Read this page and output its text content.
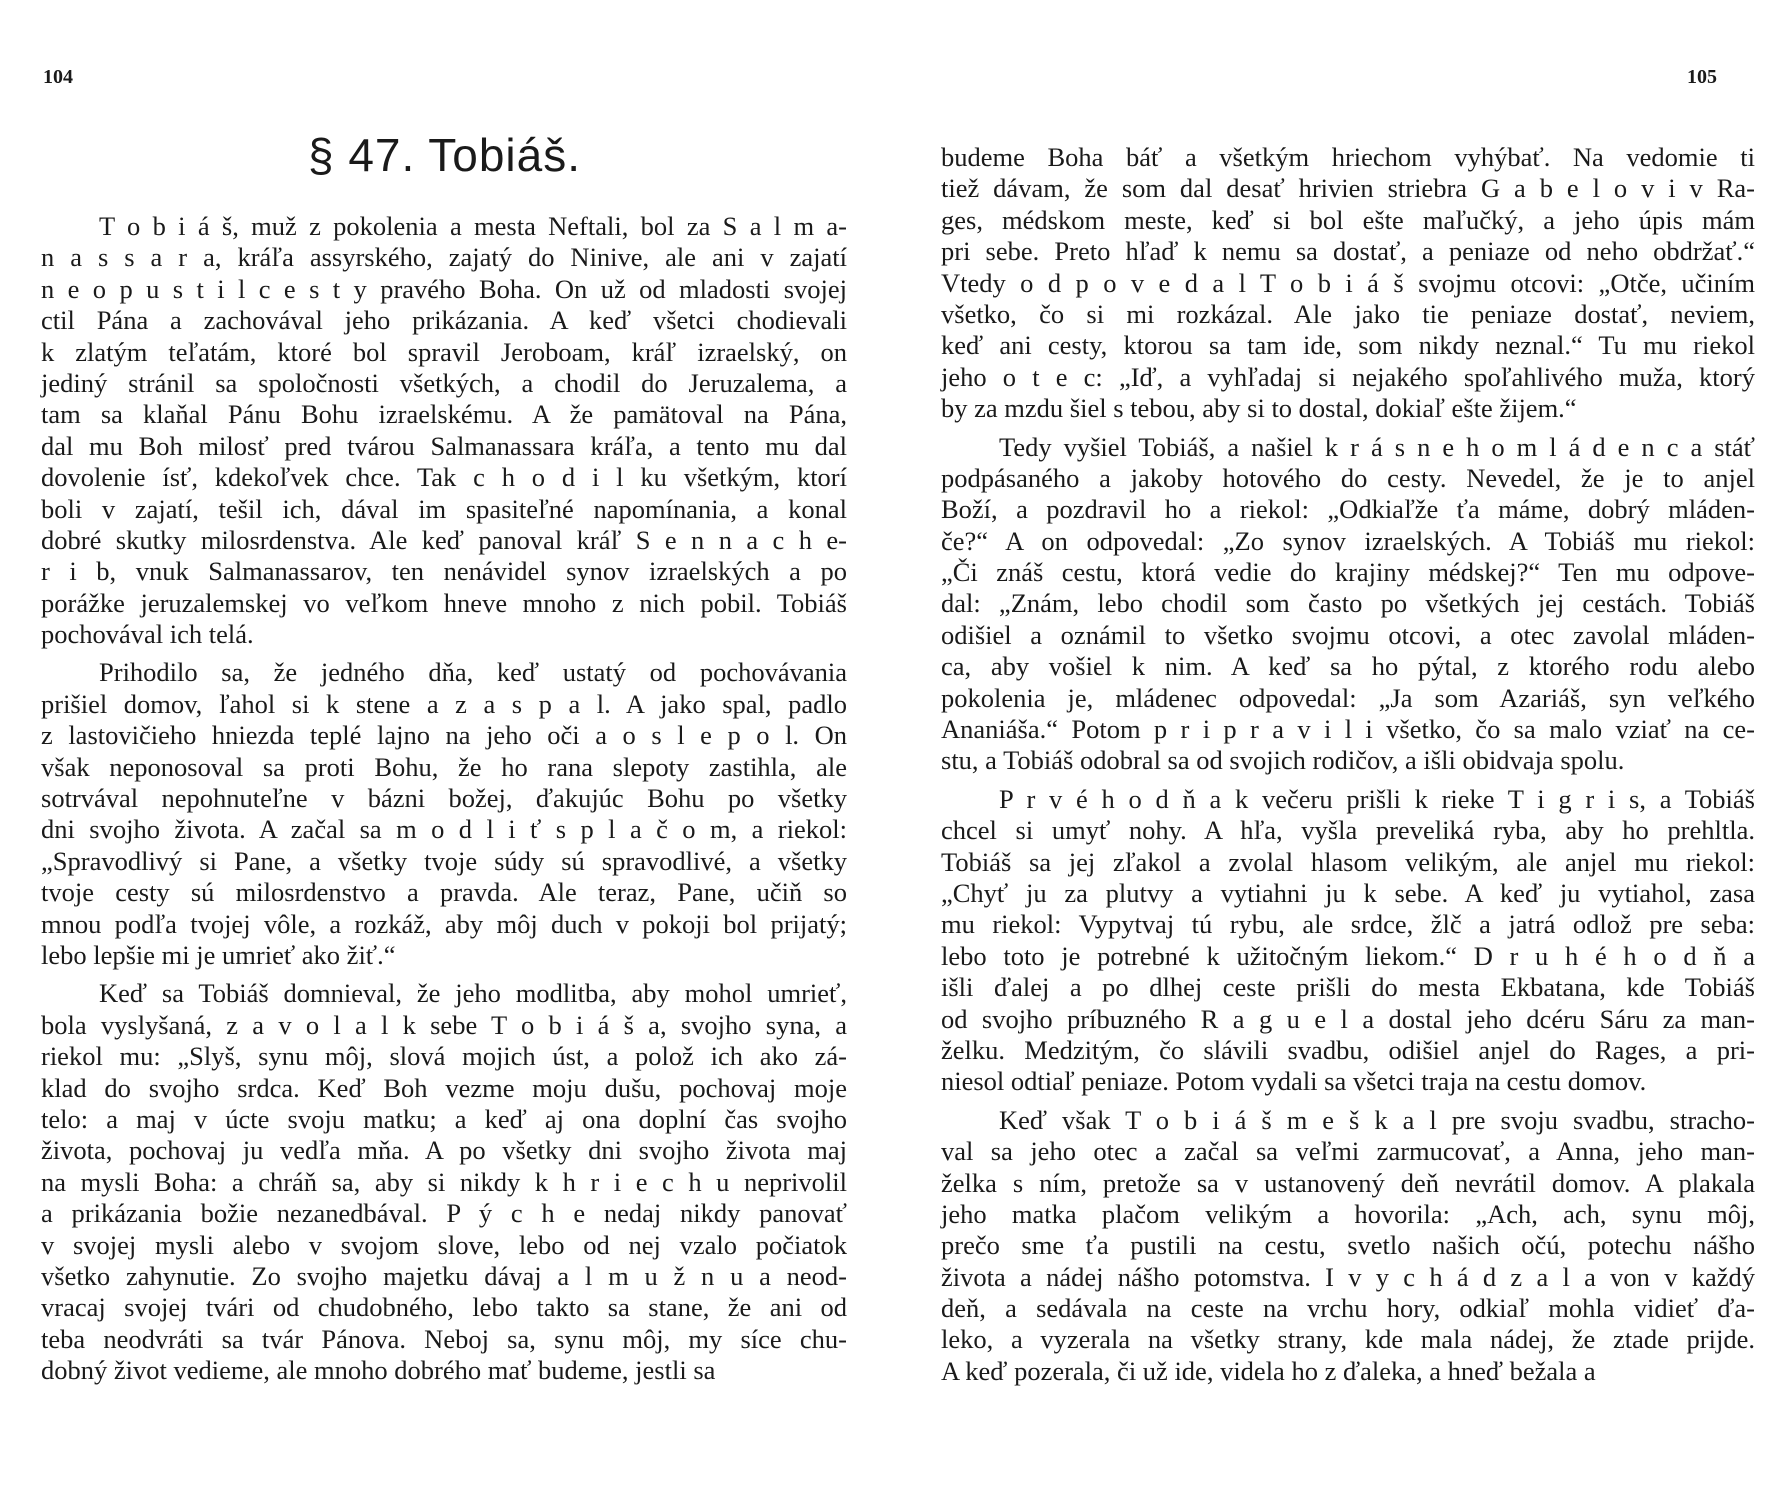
104
§ 47. Tobiáš.
T o b i á š, muž z pokolenia a mesta Neftali, bol za S a l m a-
n a s s a r a, kráľa assyrského, zajatý do Ninive, ale ani v zajatí
n e o p u s t i l c e s t y pravého Boha. On už od mladosti svojej
ctil Pána a zachovával jeho prikázania. A keď všetci chodievali
k zlatým teľatám, ktoré bol spravil Jeroboam, kráľ izraelský, on
jediný stránil sa spoločnosti všetkých, a chodil do Jeruzalema, a
tam sa klaňal Pánu Bohu izraelskému. A že pamätoval na Pána,
dal mu Boh milosť pred tvárou Salmanassara kráľa, a tento mu dal
dovolenie ísť, kdekoľvek chce. Tak c h o d i l ku všetkým, ktorí
boli v zajatí, tešil ich, dával im spasiteľné napomínania, a konal
dobré skutky milosrdenstva. Ale keď panoval kráľ S e n n a c h e-
r i b, vnuk Salmanassarov, ten nenávidel synov izraelských a po
porážke jeruzalemskej vo veľkom hneve mnoho z nich pobil. Tobiáš
pochovával ich telá.
Prihodilo sa, že jedného dňa, keď ustatý od pochovávania
prišiel domov, ľahol si k stene a z a s p a l. A jako spal, padlo
z lastovičieho hniezda teplé lajno na jeho oči a o s l e p o l. On
však neponosoval sa proti Bohu, že ho rana slepoty zastihla, ale
sotrvával nepohnuteľne v bázni božej, ďakujúc Bohu po všetky
dni svojho života. A začal sa m o d l i ť s p l a č o m, a riekol:
„Spravodlivý si Pane, a všetky tvoje súdy sú spravodlivé, a všetky
tvoje cesty sú milosrdenstvo a pravda. Ale teraz, Pane, učiň so
mnou podľa tvojej vôle, a rozkáž, aby môj duch v pokoji bol prijatý;
lebo lepšie mi je umrieť ako žiť.“
Keď sa Tobiáš domnieval, že jeho modlitba, aby mohol umrieť,
bola vyslyšaná, z a v o l a l k sebe T o b i á š a, svojho syna, a
riekol mu: „Slyš, synu môj, slová mojich úst, a polož ich ako zá-
klad do svojho srdca. Keď Boh vezme moju dušu, pochovaj moje
telo: a maj v úcte svoju matku; a keď aj ona doplní čas svojho
života, pochovaj ju vedľa mňa. A po všetky dni svojho života maj
na mysli Boha: a chráň sa, aby si nikdy k h r i e c h u neprivolil
a prikázania božie nezanedbával. P ý c h e nedaj nikdy panovať
v svojej mysli alebo v svojom slove, lebo od nej vzalo počiatok
všetko zahynutie. Zo svojho majetku dávaj a l m u ž n u a neod-
vracaj svojej tvári od chudobného, lebo takto sa stane, že ani od
teba neodvráti sa tvár Pánova. Neboj sa, synu môj, my síce chu-
dobný život vedieme, ale mnoho dobrého mať budeme, jestli sa
105
budeme Boha báť a všetkým hriechom vyhýbať. Na vedomie ti
tiež dávam, že som dal desať hrivien striebra G a b e l o v i v Ra-
ges, médskom meste, keď si bol ešte maľučký, a jeho úpis mám
pri sebe. Preto hľaď k nemu sa dostať, a peniaze od neho obdržať.“
Vtedy o d p o v e d a l T o b i á š svojmu otcovi: „Otče, učiním
všetko, čo si mi rozkázal. Ale jako tie peniaze dostať, neviem,
keď ani cesty, ktorou sa tam ide, som nikdy neznal.“ Tu mu riekol
jeho o t e c: „Iď, a vyhľadaj si nejakého spoľahlivého muža, ktorý
by za mzdu šiel s tebou, aby si to dostal, dokiaľ ešte žijem.“
Tedy vyšiel Tobiáš, a našiel k r á s n e h o m l á d e n c a stáť
podpásaného a jakoby hotového do cesty. Nevedel, že je to anjel
Boží, a pozdravil ho a riekol: „Odkiaľže ťa máme, dobrý mláden-
če?“ A on odpovedal: „Zo synov izraelských. A Tobiáš mu riekol:
„Či znáš cestu, ktorá vedie do krajiny médskej?“ Ten mu odpove-
dal: „Znám, lebo chodil som často po všetkých jej cestách. Tobiáš
odišiel a oznámil to všetko svojmu otcovi, a otec zavolal mláden-
ca, aby vošiel k nim. A keď sa ho pýtal, z ktorého rodu alebo
pokolenia je, mládenec odpovedal: „Ja som Azariáš, syn veľkého
Ananiáša.“ Potom p r i p r a v i l i všetko, čo sa malo vziať na ce-
stu, a Tobiáš odobral sa od svojich rodičov, a išli obidvaja spolu.
P r v é h o d ň a k večeru prišli k rieke T i g r i s, a Tobiáš
chcel si umyť nohy. A hľa, vyšla preveliká ryba, aby ho prehltla.
Tobiáš sa jej zľakol a zvolal hlasom velikým, ale anjel mu riekol:
„Chyť ju za plutvy a vytiahni ju k sebe. A keď ju vytiahol, zasa
mu riekol: Vypytvaj tú rybu, ale srdce, žlč a jatrá odlož pre seba:
lebo toto je potrebné k užitočným liekom.“ D r u h é h o d ň a
išli ďalej a po dlhej ceste prišli do mesta Ekbatana, kde Tobiáš
od svojho príbuzného R a g u e l a dostal jeho dcéru Sáru za man-
želku. Medzitým, čo slávili svadbu, odišiel anjel do Rages, a pri-
niesol odtiaľ peniaze. Potom vydali sa všetci traja na cestu domov.
Keď však T o b i á š m e š k a l pre svoju svadbu, stracho-
val sa jeho otec a začal sa veľmi zarmucovať, a Anna, jeho man-
želka s ním, pretože sa v ustanovený deň nevrátil domov. A plakala
jeho matka plačom velikým a hovorila: „Ach, ach, synu môj,
prečo sme ťa pustili na cestu, svetlo našich očú, potechu nášho
života a nádej nášho potomstva. I v y c h á d z a l a von v každý
deň, a sedávala na ceste na vrchu hory, odkiaľ mohla vidieť ďa-
leko, a vyzerala na všetky strany, kde mala nádej, že ztade prijde.
A keď pozerala, či už ide, videla ho z ďaleka, a hneď bežala a
